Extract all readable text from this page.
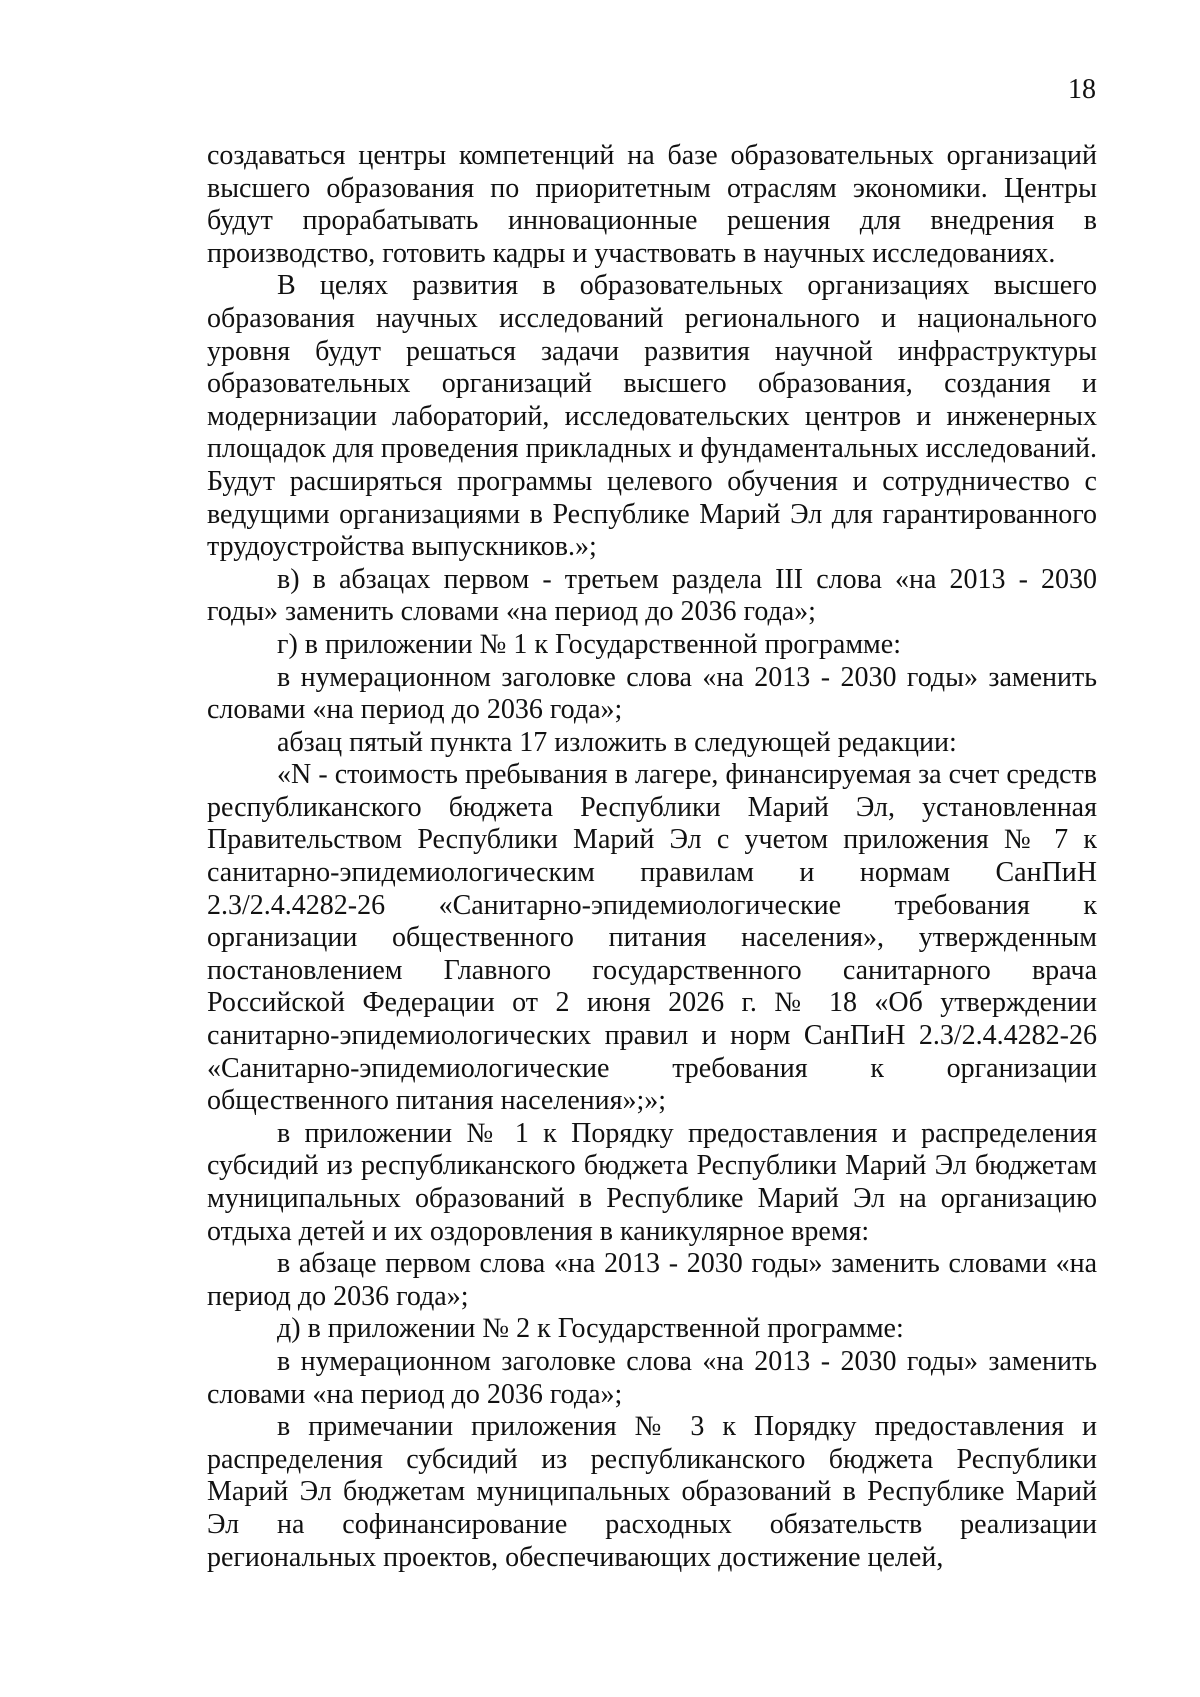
18

создаваться центры компетенций на базе образовательных организаций высшего образования по приоритетным отраслям экономики. Центры будут прорабатывать инновационные решения для внедрения в производство, готовить кадры и участвовать в научных исследованиях.

В целях развития в образовательных организациях высшего образования научных исследований регионального и национального уровня будут решаться задачи развития научной инфраструктуры образовательных организаций высшего образования, создания и модернизации лабораторий, исследовательских центров и инженерных площадок для проведения прикладных и фундаментальных исследований. Будут расширяться программы целевого обучения и сотрудничество с ведущими организациями в Республике Марий Эл для гарантированного трудоустройства выпускников.»;

в) в абзацах первом - третьем раздела III слова «на 2013 - 2030 годы» заменить словами «на период до 2036 года»;

г) в приложении № 1 к Государственной программе:

в нумерационном заголовке слова «на 2013 - 2030 годы» заменить словами «на период до 2036 года»;

абзац пятый пункта 17 изложить в следующей редакции:

«N - стоимость пребывания в лагере, финансируемая за счет средств республиканского бюджета Республики Марий Эл, установленная Правительством Республики Марий Эл с учетом приложения № 7 к санитарно-эпидемиологическим правилам и нормам СанПиН 2.3/2.4.4282-26 «Санитарно-эпидемиологические требования к организации общественного питания населения», утвержденным постановлением Главного государственного санитарного врача Российской Федерации от 2 июня 2026 г. № 18 «Об утверждении санитарно-эпидемиологических правил и норм СанПиН 2.3/2.4.4282-26 «Санитарно-эпидемиологические требования к организации общественного питания населения»;»;

в приложении № 1 к Порядку предоставления и распределения субсидий из республиканского бюджета Республики Марий Эл бюджетам муниципальных образований в Республике Марий Эл на организацию отдыха детей и их оздоровления в каникулярное время:

в абзаце первом слова «на 2013 - 2030 годы» заменить словами «на период до 2036 года»;

д) в приложении № 2 к Государственной программе:

в нумерационном заголовке слова «на 2013 - 2030 годы» заменить словами «на период до 2036 года»;

в примечании приложения № 3 к Порядку предоставления и распределения субсидий из республиканского бюджета Республики Марий Эл бюджетам муниципальных образований в Республике Марий Эл на софинансирование расходных обязательств реализации региональных проектов, обеспечивающих достижение целей,
